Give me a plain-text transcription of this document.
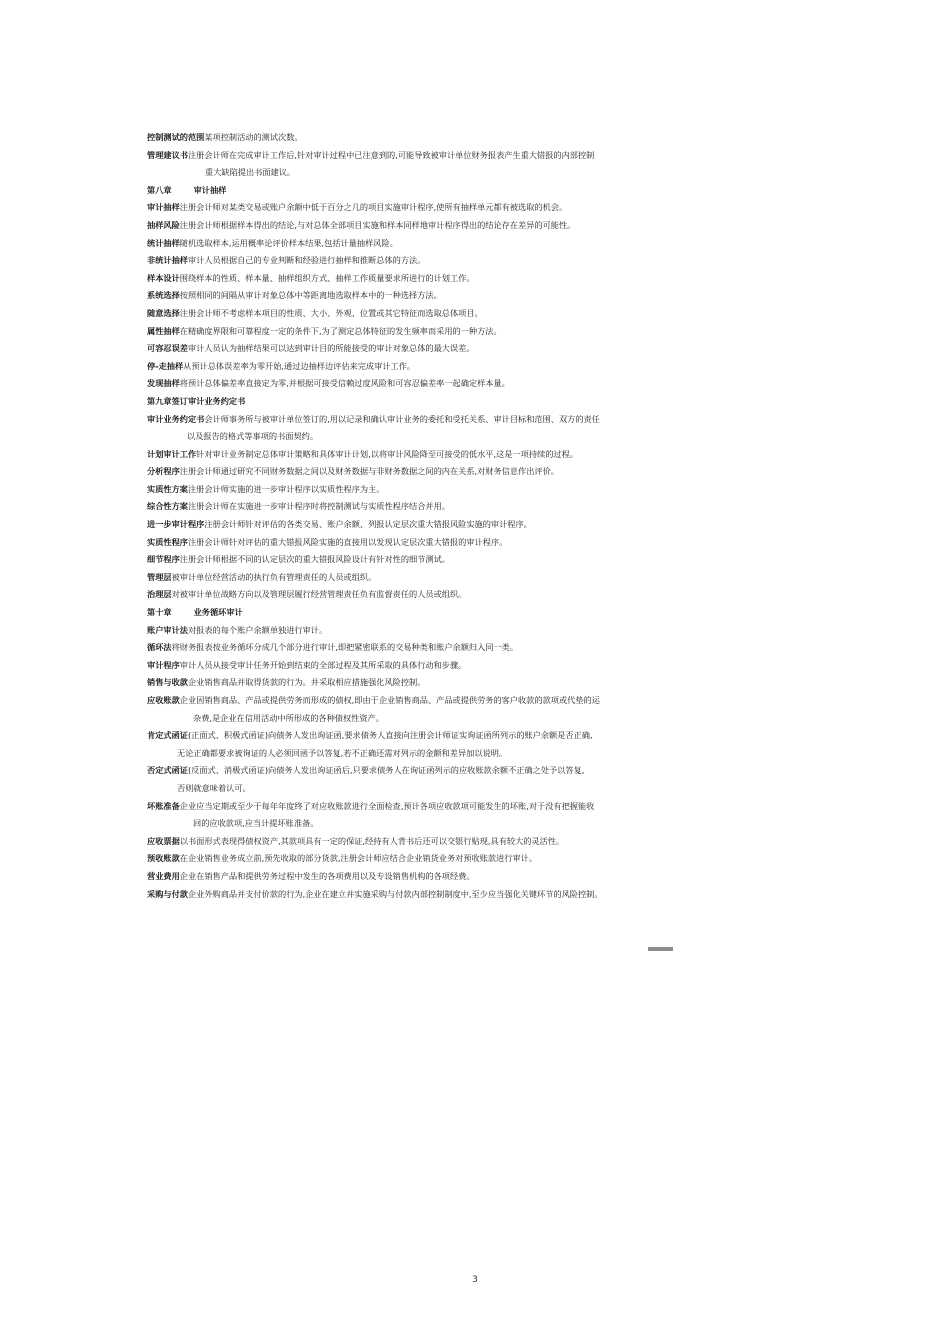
控制测试的范围某项控制活动的测试次数。
管理建议书注册会计师在完成审计工作后,针对审计过程中已注意到的,可能导致被审计单位财务报表产生重大错报的内部控制
重大缺陷提出书面建议。
第八章	审计抽样
审计抽样注册会计师对某类交易或账户余额中低于百分之几的项目实施审计程序,使所有抽样单元都有被选取的机会。
抽样风险注册会计师根据样本得出的结论,与对总体全部项目实施和样本同样地审计程序得出的结论存在差异的可能性。
统计抽样随机选取样本,运用概率论评价样本结果,包括计量抽样风险。
非统计抽样审计人员根据自己的专业判断和经验进行抽样和推断总体的方法。
样本设计围绕样本的性质、样本量、抽样组织方式、抽样工作质量要求所进行的计划工作。
系统选择按照相同的间隔从审计对象总体中等距离地选取样本中的一种选择方法。
随意选择注册会计师不考虑样本项目的性质、大小、外观、位置或其它特征而选取总体项目。
属性抽样在精确度界限和可靠程度一定的条件下,为了测定总体特征的发生频率而采用的一种方法。
可容忍误差审计人员认为抽样结果可以达到审计目的所能接受的审计对象总体的最大误差。
停-走抽样从预计总体误差率为零开始,通过边抽样边评估来完成审计工作。
发现抽样将预计总体偏差率直接定为零,并根据可接受信赖过度风险和可容忍偏差率一起确定样本量。
第九章签订审计业务约定书
审计业务约定书会计师事务所与被审计单位签订的,用以记录和确认审计业务的委托和受托关系、审计目标和范围、双方的责任
以及报告的格式等事项的书面契约。
计划审计工作针对审计业务制定总体审计策略和具体审计计划,以将审计风险降至可接受的低水平,这是一项持续的过程。
分析程序注册会计师通过研究不同财务数据之间以及财务数据与非财务数据之间的内在关系,对财务信息作出评价。
实质性方案注册会计师实施的进一步审计程序以实质性程序为主。
综合性方案注册会计师在实施进一步审计程序时将控制测试与实质性程序结合并用。
进一步审计程序注册会计师针对评估的各类交易、账户余额、列报认定层次重大错报风险实施的审计程序。
实质性程序注册会计师针对评估的重大错报风险实施的直接用以发现认定层次重大错报的审计程序。
细节程序注册会计师根据不同的认定层次的重大错报风险设计有针对性的细节测试。
管理层被审计单位经营活动的执行负有管理责任的人员或组织。
治理层对被审计单位战略方向以及管理层履行经营管理责任负有监督责任的人员或组织。
第十章	业务循环审计
账户审计法对报表的每个账户余额单独进行审计。
循环法将财务报表按业务循环分成几个部分进行审计,即把紧密联系的交易种类和账户余额归入同一类。
审计程序审计人员从接受审计任务开始到结束的全部过程及其所采取的具体行动和步骤。
销售与收款企业销售商品并取得货款的行为。并采取相应措施强化风险控制。
应收账款企业因销售商品、产品或提供劳务而形成的债权,即由于企业销售商品、产品或提供劳务的客户收款的款项或代垫的运
杂费,是企业在信用活动中所形成的各种债权性资产。
肯定式函证(正面式、积极式函证)向债务人发出询证函,要求债务人直接向注册会计师证实询证函所列示的账户余额是否正确,
无论正确都要求被询证的人必须回函予以答复,若不正确还需对列示的金额和差异加以说明。
否定式函证(反面式、消极式函证)向债务人发出询证函后,只要求债务人在询证函列示的应收账款余额不正确之处予以答复,
否则就意味着认可。
坏账准备企业应当定期或至少于每年年度终了对应收账款进行全面检查,预计各项应收款项可能发生的坏账,对于没有把握能收
回的应收款项,应当计提坏账准备。
应收票据以书面形式表现得债权资产,其款项具有一定的保证,经持有人背书后还可以交银行贴现,具有较大的灵活性。
预收账款在企业销售业务成立前,预先收取的部分货款,注册会计师应结合企业销货业务对预收账款进行审计。
营业费用企业在销售产品和提供劳务过程中发生的各项费用以及专设销售机构的各项经费。
采购与付款企业外购商品并支付价款的行为,企业在建立并实施采购与付款内部控制制度中,至少应当强化关键环节的风险控制。
3
